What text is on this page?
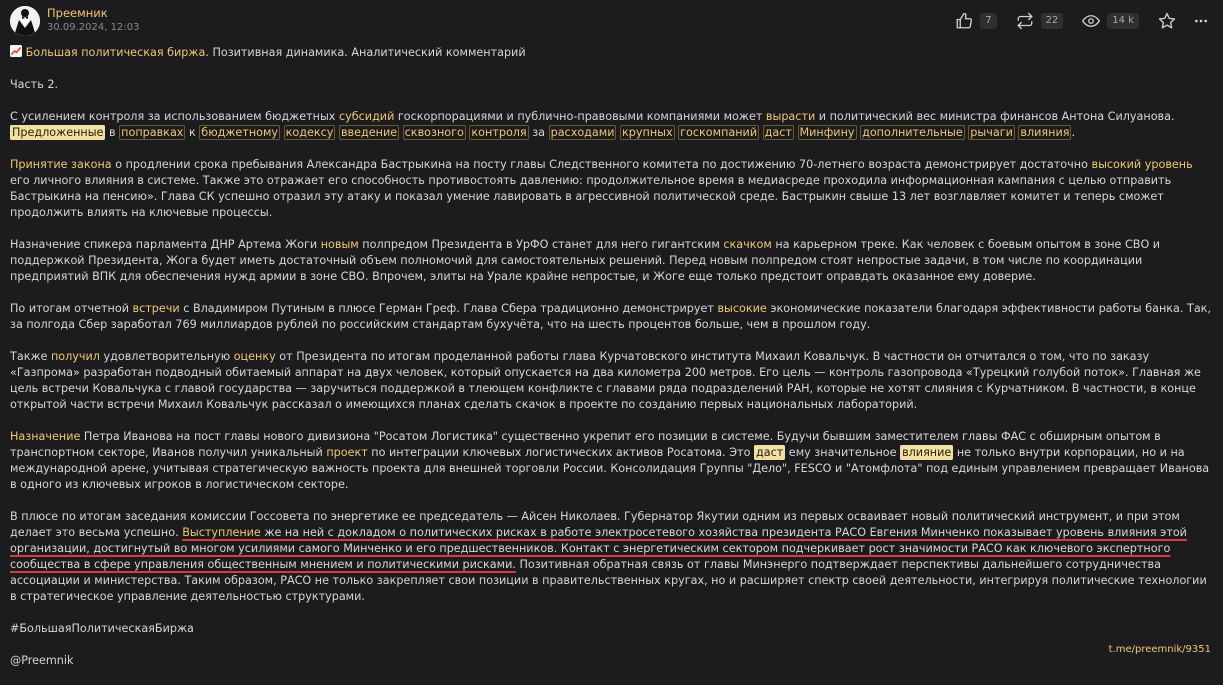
Преемник
30.09.2024, 12:03
7	22	14 k

Большая политическая биржа. Позитивная динамика. Аналитический комментарий

Часть 2.

С усилением контроля за использованием бюджетных субсидий госкорпорациями и публично-правовыми компаниями может вырасти и политический вес министра финансов Антона Силуанова. Предложенные в поправках к бюджетному кодексу введение сквозного контроля за расходами крупных госкомпаний даст Минфину дополнительные рычаги влияния .

Принятие закона о продлении срока пребывания Александра Бастрыкина на посту главы Следственного комитета по достижению 70-летнего возраста демонстрирует достаточно высокий уровень его личного влияния в системе. Также это отражает его способность противостоять давлению: продолжительное время в медиасреде проходила информационная кампания с целью отправить Бастрыкина на пенсию». Глава СК успешно отразил эту атаку и показал умение лавировать в агрессивной политической среде. Бастрыкин свыше 13 лет возглавляет комитет и теперь сможет продолжить влиять на ключевые процессы.

Назначение спикера парламента ДНР Артема Жоги новым полпредом Президента в УрФО станет для него гигантским скачком на карьерном треке. Как человек с боевым опытом в зоне СВО и поддержкой Президента, Жога будет иметь достаточный объем полномочий для самостоятельных решений. Перед новым полпредом стоят непростые задачи, в том числе по координации предприятий ВПК для обеспечения нужд армии в зоне СВО. Впрочем, элиты на Урале крайне непростые, и Жоге еще только предстоит оправдать оказанное ему доверие.

По итогам отчетной встречи с Владимиром Путиным в плюсе Герман Греф. Глава Сбера традиционно демонстрирует высокие экономические показатели благодаря эффективности работы банка. Так, за полгода Сбер заработал 769 миллиардов рублей по российским стандартам бухучёта, что на шесть процентов больше, чем в прошлом году.

Также получил удовлетворительную оценку от Президента по итогам проделанной работы глава Курчатовского института Михаил Ковальчук. В частности он отчитался о том, что по заказу «Газпрома» разработан подводный обитаемый аппарат на двух человек, который опускается на два километра 200 метров. Его цель — контроль газопровода «Турецкий голубой поток». Главная же цель встречи Ковальчука с главой государства — заручиться поддержкой в тлеющем конфликте с главами ряда подразделений РАН, которые не хотят слияния с Курчатником. В частности, в конце открытой части встречи Михаил Ковальчук рассказал о имеющихся планах сделать скачок в проекте по созданию первых национальных лабораторий.

Назначение Петра Иванова на пост главы нового дивизиона "Росатом Логистика" существенно укрепит его позиции в системе. Будучи бывшим заместителем главы ФАС с обширным опытом в транспортном секторе, Иванов получил уникальный проект по интеграции ключевых логистических активов Росатома. Это даст ему значительное влияние не только внутри корпорации, но и на международной арене, учитывая стратегическую важность проекта для внешней торговли России. Консолидация Группы "Дело", FESCO и "Атомфлота" под единым управлением превращает Иванова в одного из ключевых игроков в логистическом секторе.

В плюсе по итогам заседания комиссии Госсовета по энергетике ее председатель — Айсен Николаев. Губернатор Якутии одним из первых осваивает новый политический инструмент, и при этом делает это весьма успешно. Выступление же на ней с докладом о политических рисках в работе электросетевого хозяйства президента РАСО Евгения Минченко показывает уровень влияния этой организации, достигнутый во многом усилиями самого Минченко и его предшественников. Контакт с энергетическим сектором подчеркивает рост значимости РАСО как ключевого экспертного сообщества в сфере управления общественным мнением и политическими рисками. Позитивная обратная связь от главы Минэнерго подтверждает перспективы дальнейшего сотрудничества ассоциации и министерства. Таким образом, РАСО не только закрепляет свои позиции в правительственных кругах, но и расширяет спектр своей деятельности, интегрируя политические технологии в стратегическое управление деятельностью структурами.

#БольшаяПолитическаяБиржа

@Preemnik

t.me/preemnik/9351
